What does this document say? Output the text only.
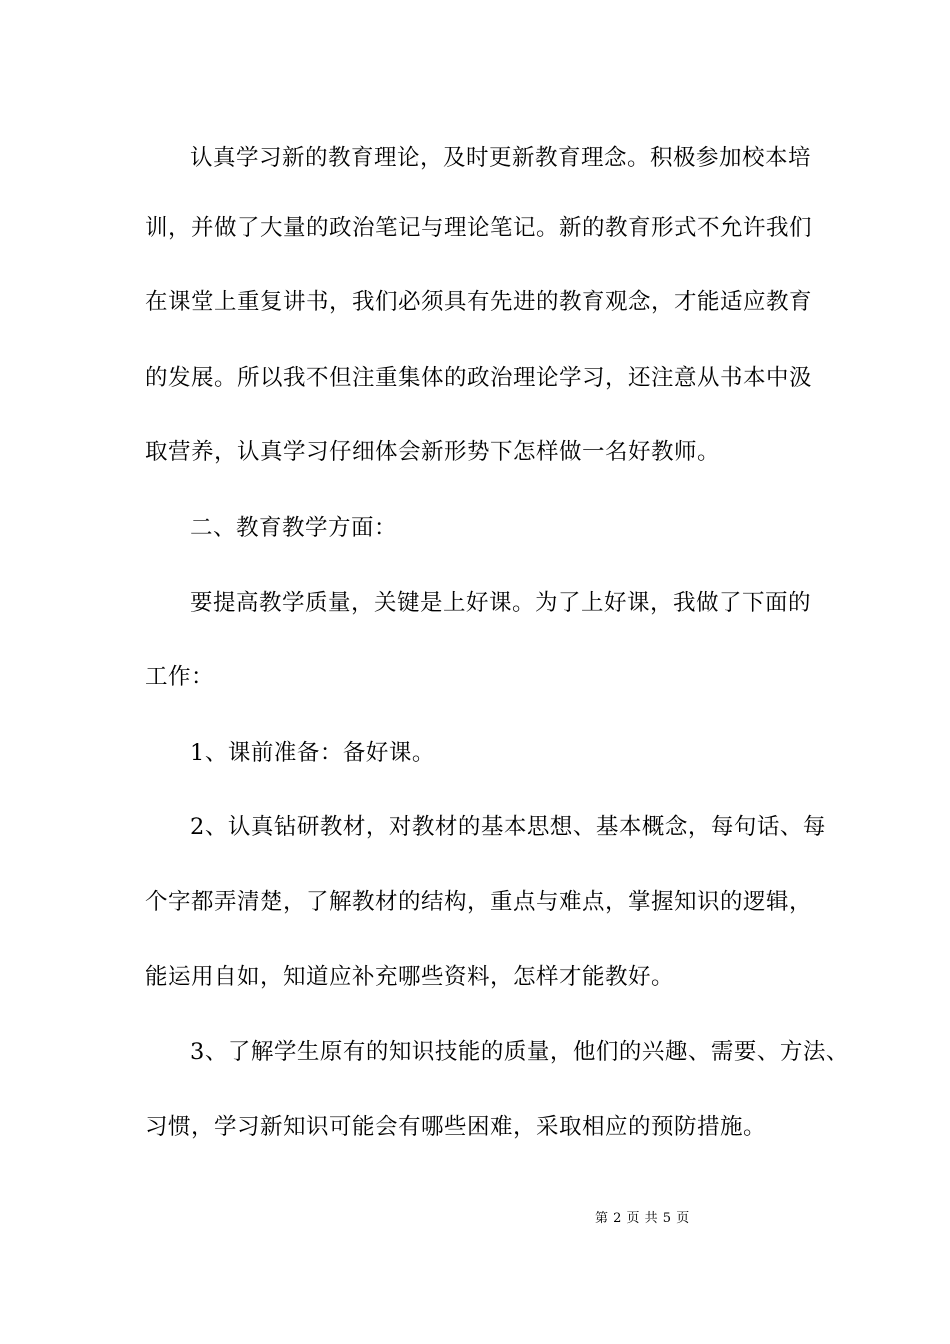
认真学习新的教育理论，及时更新教育理念。积极参加校本培
训，并做了大量的政治笔记与理论笔记。新的教育形式不允许我们
在课堂上重复讲书，我们必须具有先进的教育观念，才能适应教育
的发展。所以我不但注重集体的政治理论学习，还注意从书本中汲
取营养，认真学习仔细体会新形势下怎样做一名好教师。
二、教育教学方面：
要提高教学质量，关键是上好课。为了上好课，我做了下面的
工作：
1、课前准备：备好课。
2、认真钻研教材，对教材的基本思想、基本概念，每句话、每
个字都弄清楚，了解教材的结构，重点与难点，掌握知识的逻辑，
能运用自如，知道应补充哪些资料，怎样才能教好。
3、了解学生原有的知识技能的质量，他们的兴趣、需要、方法、
习惯，学习新知识可能会有哪些困难，采取相应的预防措施。
第 2 页 共 5 页
